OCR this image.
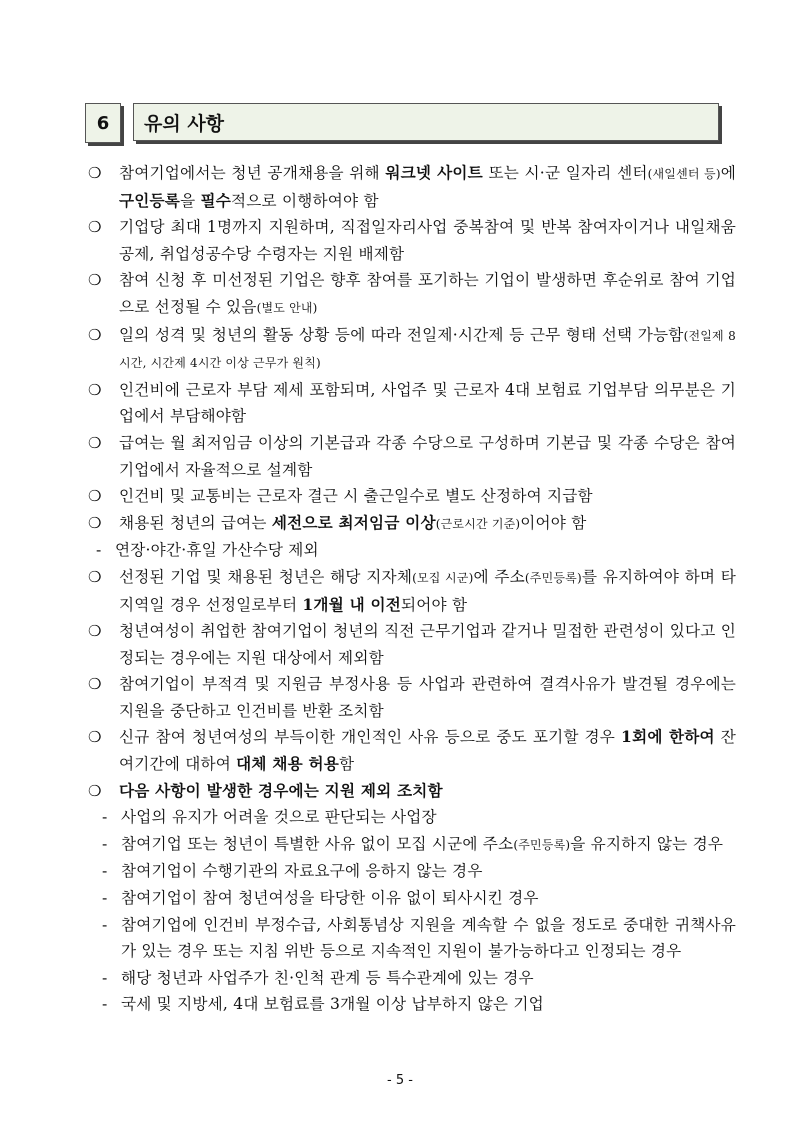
6	유의 사항
❍ 참여기업에서는 청년 공개채용을 위해 워크넷 사이트 또는 시·군 일자리 센터(새일센터 등)에 구인등록을 필수적으로 이행하여야 함
❍ 기업당 최대 1명까지 지원하며, 직접일자리사업 중복참여 및 반복 참여자이거나 내일채움공제, 취업성공수당 수령자는 지원 배제함
❍ 참여 신청 후 미선정된 기업은 향후 참여를 포기하는 기업이 발생하면 후순위로 참여 기업으로 선정될 수 있음(별도 안내)
❍ 일의 성격 및 청년의 활동 상황 등에 따라 전일제·시간제 등 근무 형태 선택 가능함(전일제 8시간, 시간제 4시간 이상 근무가 원칙)
❍ 인건비에 근로자 부담 제세 포함되며, 사업주 및 근로자 4대 보험료 기업부담 의무분은 기업에서 부담해야함
❍ 급여는 월 최저임금 이상의 기본급과 각종 수당으로 구성하며 기본급 및 각종 수당은 참여기업에서 자율적으로 설계함
❍ 인건비 및 교통비는 근로자 결근 시 출근일수로 별도 산정하여 지급함
❍ 채용된 청년의 급여는 세전으로 최저임금 이상(근로시간 기준)이어야 함
- 연장·야간·휴일 가산수당 제외
❍ 선정된 기업 및 채용된 청년은 해당 지자체(모집 시군)에 주소(주민등록)를 유지하여야 하며 타지역일 경우 선정일로부터 1개월 내 이전되어야 함
❍ 청년여성이 취업한 참여기업이 청년의 직전 근무기업과 같거나 밀접한 관련성이 있다고 인정되는 경우에는 지원 대상에서 제외함
❍ 참여기업이 부적격 및 지원금 부정사용 등 사업과 관련하여 결격사유가 발견될 경우에는 지원을 중단하고 인건비를 반환 조치함
❍ 신규 참여 청년여성의 부득이한 개인적인 사유 등으로 중도 포기할 경우 1회에 한하여 잔여기간에 대하여 대체 채용 허용함
❍ 다음 사항이 발생한 경우에는 지원 제외 조치함
- 사업의 유지가 어려울 것으로 판단되는 사업장
- 참여기업 또는 청년이 특별한 사유 없이 모집 시군에 주소(주민등록)을 유지하지 않는 경우
- 참여기업이 수행기관의 자료요구에 응하지 않는 경우
- 참여기업이 참여 청년여성을 타당한 이유 없이 퇴사시킨 경우
- 참여기업에 인건비 부정수급, 사회통념상 지원을 계속할 수 없을 정도로 중대한 귀책사유가 있는 경우 또는 지침 위반 등으로 지속적인 지원이 불가능하다고 인정되는 경우
- 해당 청년과 사업주가 친·인척 관계 등 특수관계에 있는 경우
- 국세 및 지방세, 4대 보험료를 3개월 이상 납부하지 않은 기업
- 5 -
